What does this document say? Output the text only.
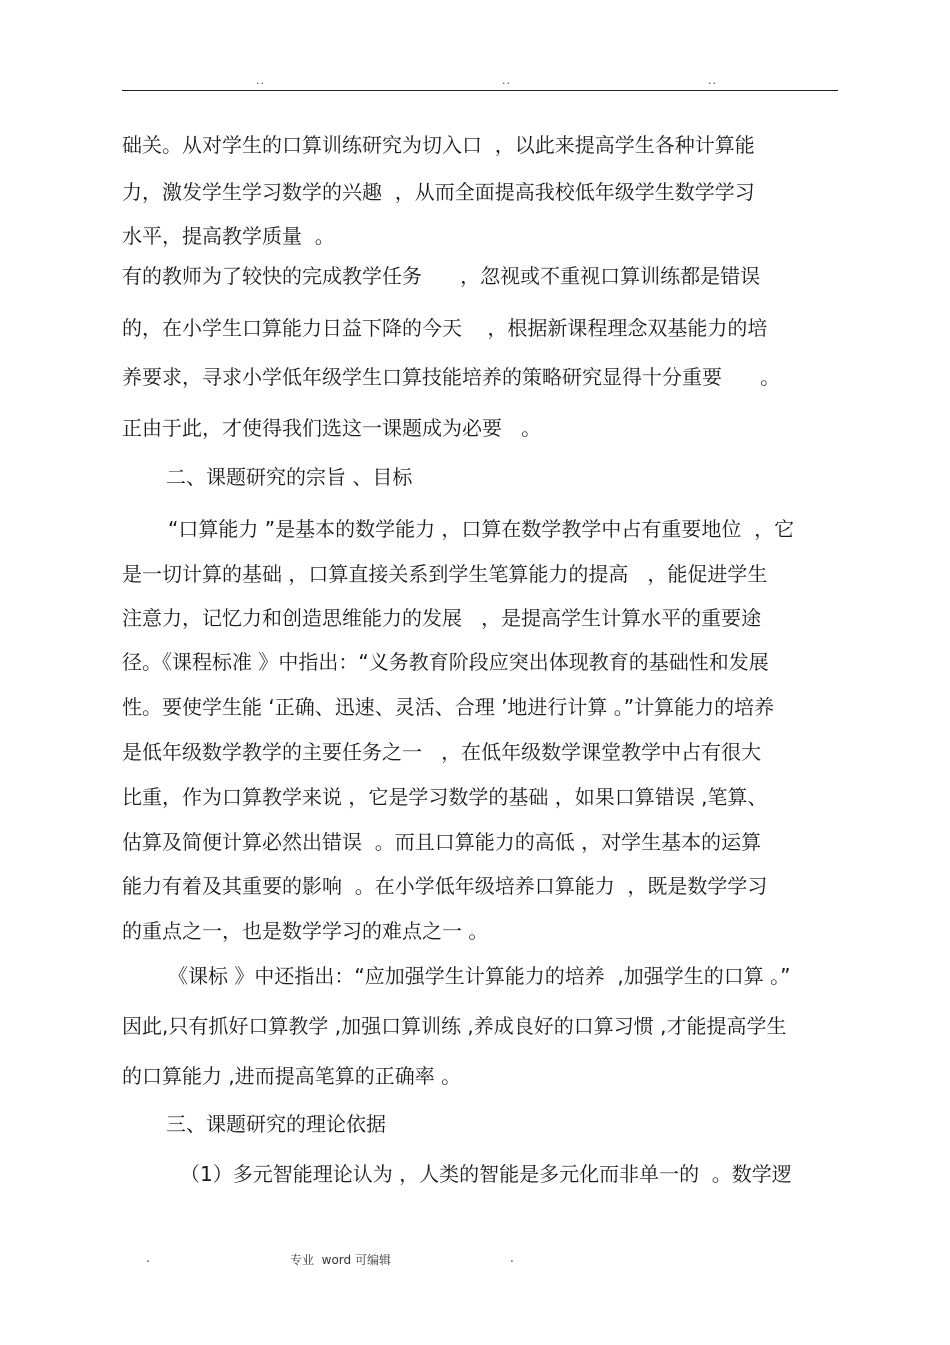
..	..	..
础关。从对学生的口算训练研究为切入口  ，以此来提高学生各种计算能
力，激发学生学习数学的兴趣  ，从而全面提高我校低年级学生数学学习
水平，提高教学质量  。
有的教师为了较快的完成教学任务      ，忽视或不重视口算训练都是错误
的，在小学生口算能力日益下降的今天    ，根据新课程理念双基能力的培
养要求，寻求小学低年级学生口算技能培养的策略研究显得十分重要      。
正由于此，才使得我们选这一课题成为必要   。
二、课题研究的宗旨 、目标
“口算能力 ”是基本的数学能力 ，口算在数学教学中占有重要地位  ，它
是一切计算的基础 ，口算直接关系到学生笔算能力的提高   ，能促进学生
注意力，记忆力和创造思维能力的发展   ，是提高学生计算水平的重要途
径。《课程标准 》中指出：“义务教育阶段应突出体现教育的基础性和发展
性。要使学生能 ‘正确、迅速、灵活、合理 ’地进行计算 。”计算能力的培养
是低年级数学教学的主要任务之一   ，在低年级数学课堂教学中占有很大
比重，作为口算教学来说 ，它是学习数学的基础 ，如果口算错误 ,笔算、
估算及简便计算必然出错误  。而且口算能力的高低 ，对学生基本的运算
能力有着及其重要的影响  。在小学低年级培养口算能力  ，既是数学学习
的重点之一，也是数学学习的难点之一 。
《课标 》中还指出：“应加强学生计算能力的培养  ,加强学生的口算 。”
因此,只有抓好口算教学 ,加强口算训练 ,养成良好的口算习惯 ,才能提高学生
的口算能力 ,进而提高笔算的正确率 。
三、课题研究的理论依据
（1）多元智能理论认为 ，人类的智能是多元化而非单一的  。数学逻
.	专业  word 可编辑	.
